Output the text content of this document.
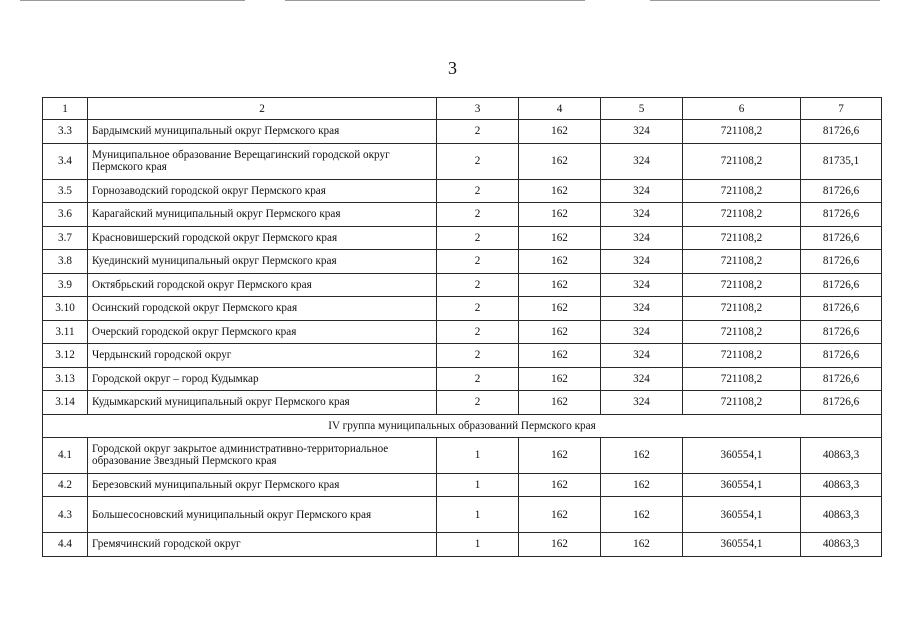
3
1	2	3	4	5	6	7
3.3	Бардымский муниципальный округ Пермского края	2	162	324	721108,2	81726,6
3.4	Муниципальное образование Верещагинский городской округ Пермского края	2	162	324	721108,2	81735,1
3.5	Горнозаводский городской округ Пермского края	2	162	324	721108,2	81726,6
3.6	Карагайский муниципальный округ Пермского края	2	162	324	721108,2	81726,6
3.7	Красновишерский городской округ Пермского края	2	162	324	721108,2	81726,6
3.8	Куединский муниципальный округ Пермского края	2	162	324	721108,2	81726,6
3.9	Октябрьский городской округ Пермского края	2	162	324	721108,2	81726,6
3.10	Осинский городской округ Пермского края	2	162	324	721108,2	81726,6
3.11	Очерский городской округ Пермского края	2	162	324	721108,2	81726,6
3.12	Чердынский городской округ	2	162	324	721108,2	81726,6
3.13	Городской округ – город Кудымкар	2	162	324	721108,2	81726,6
3.14	Кудымкарский муниципальный округ Пермского края	2	162	324	721108,2	81726,6
IV группа муниципальных образований Пермского края						
4.1	Городской округ закрытое административно-территориальное образование Звездный Пермского края	1	162	162	360554,1	40863,3
4.2	Березовский муниципальный округ Пермского края	1	162	162	360554,1	40863,3
4.3	Большесосновский муниципальный округ Пермского края	1	162	162	360554,1	40863,3
4.4	Гремячинский городской округ	1	162	162	360554,1	40863,3
